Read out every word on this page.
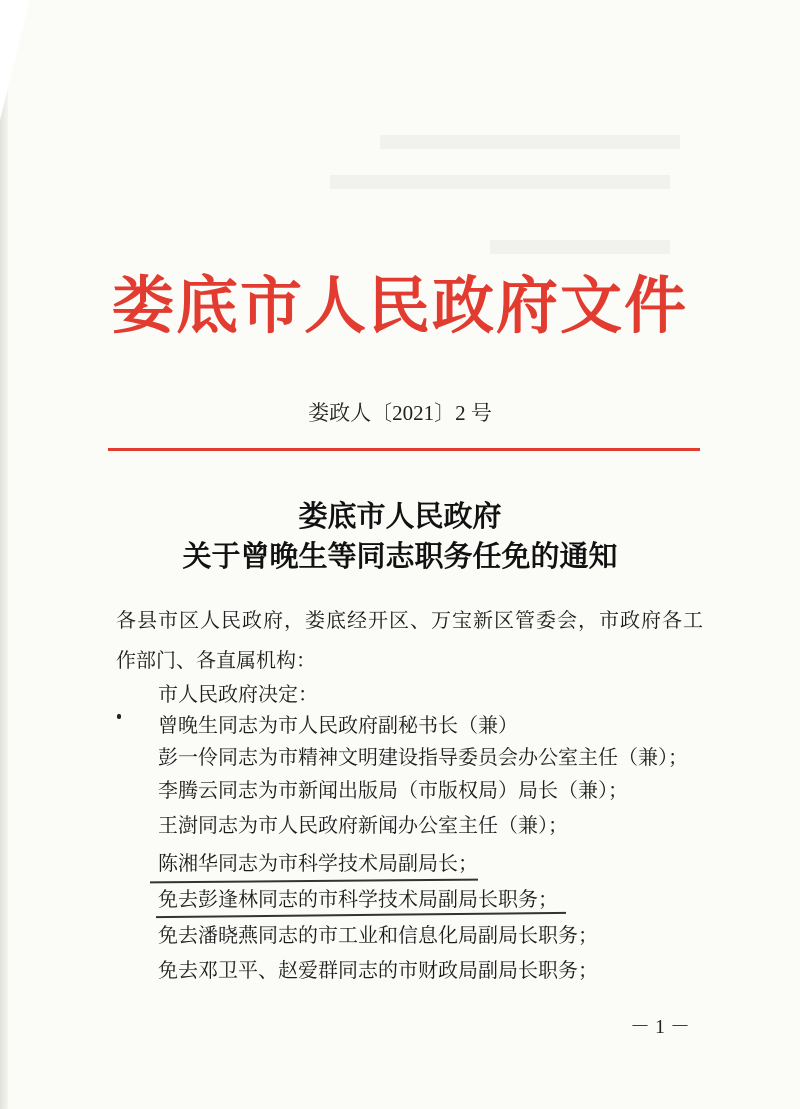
娄底市人民政府文件
娄政人〔2021〕2 号
娄底市人民政府
关于曾晚生等同志职务任免的通知
各县市区人民政府，娄底经开区、万宝新区管委会，市政府各工
作部门、各直属机构：
市人民政府决定：
曾晚生同志为市人民政府副秘书长（兼）
彭一伶同志为市精神文明建设指导委员会办公室主任（兼）；
李腾云同志为市新闻出版局（市版权局）局长（兼）；
王澍同志为市人民政府新闻办公室主任（兼）；
陈湘华同志为市科学技术局副局长；
免去彭逢林同志的市科学技术局副局长职务；
免去潘晓燕同志的市工业和信息化局副局长职务；
免去邓卫平、赵爱群同志的市财政局副局长职务；
－ 1 －
